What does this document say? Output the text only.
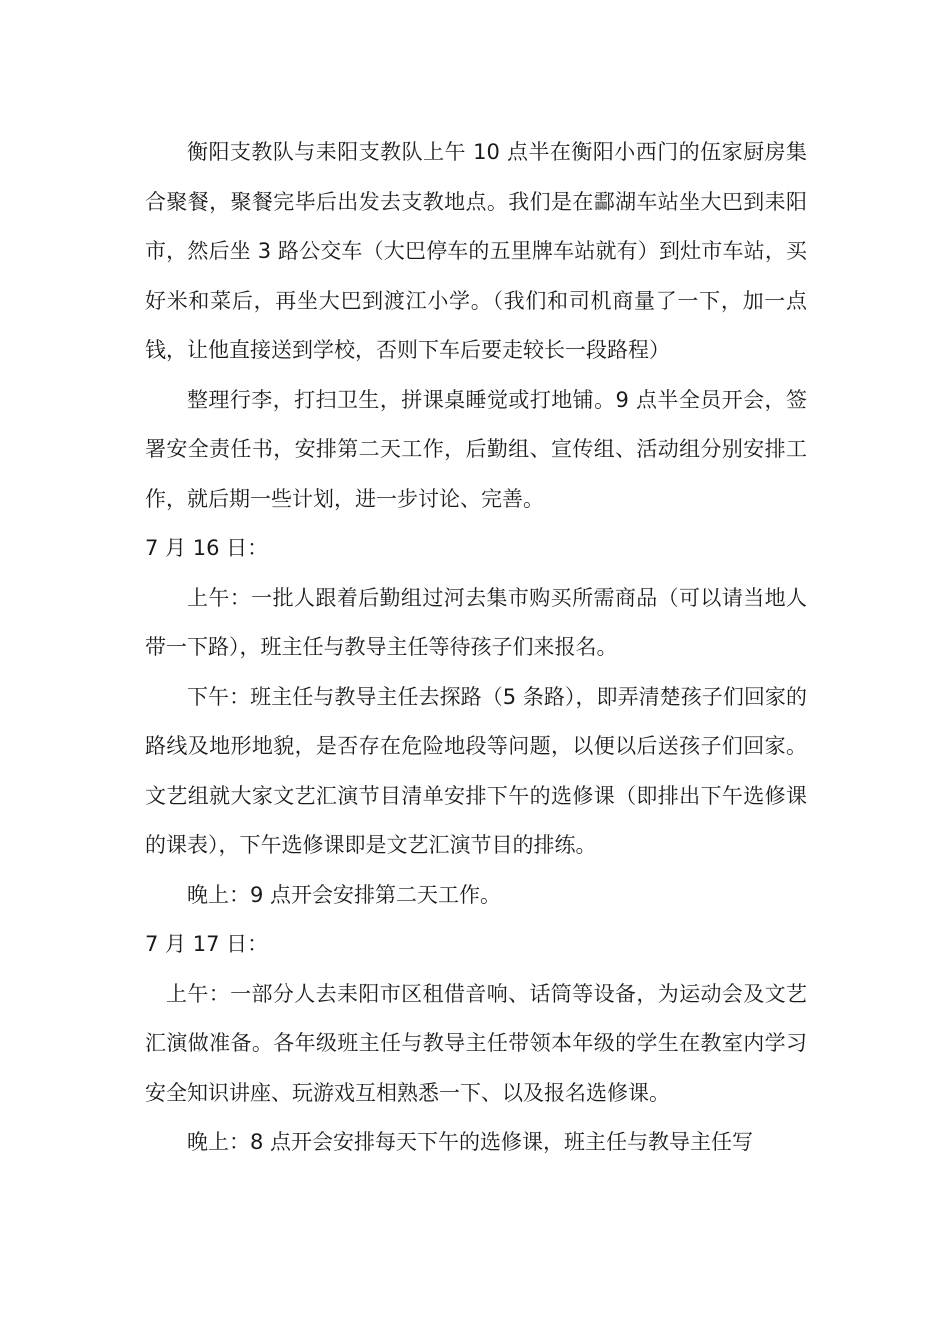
衡阳支教队与耒阳支教队上午 10 点半在衡阳小西门的伍家厨房集合聚餐，聚餐完毕后出发去支教地点。我们是在酃湖车站坐大巴到耒阳市，然后坐 3 路公交车（大巴停车的五里牌车站就有）到灶市车站，买好米和菜后，再坐大巴到渡江小学。（我们和司机商量了一下，加一点钱，让他直接送到学校，否则下车后要走较长一段路程）

整理行李，打扫卫生，拼课桌睡觉或打地铺。9 点半全员开会，签署安全责任书，安排第二天工作，后勤组、宣传组、活动组分别安排工作，就后期一些计划，进一步讨论、完善。

7 月 16 日：

上午：一批人跟着后勤组过河去集市购买所需商品（可以请当地人带一下路），班主任与教导主任等待孩子们来报名。

下午：班主任与教导主任去探路（5 条路），即弄清楚孩子们回家的路线及地形地貌，是否存在危险地段等问题，以便以后送孩子们回家。文艺组就大家文艺汇演节目清单安排下午的选修课（即排出下午选修课的课表），下午选修课即是文艺汇演节目的排练。

晚上：9 点开会安排第二天工作。

7 月 17 日：

上午：一部分人去耒阳市区租借音响、话筒等设备，为运动会及文艺汇演做准备。各年级班主任与教导主任带领本年级的学生在教室内学习安全知识讲座、玩游戏互相熟悉一下、以及报名选修课。

晚上：8 点开会安排每天下午的选修课，班主任与教导主任写
